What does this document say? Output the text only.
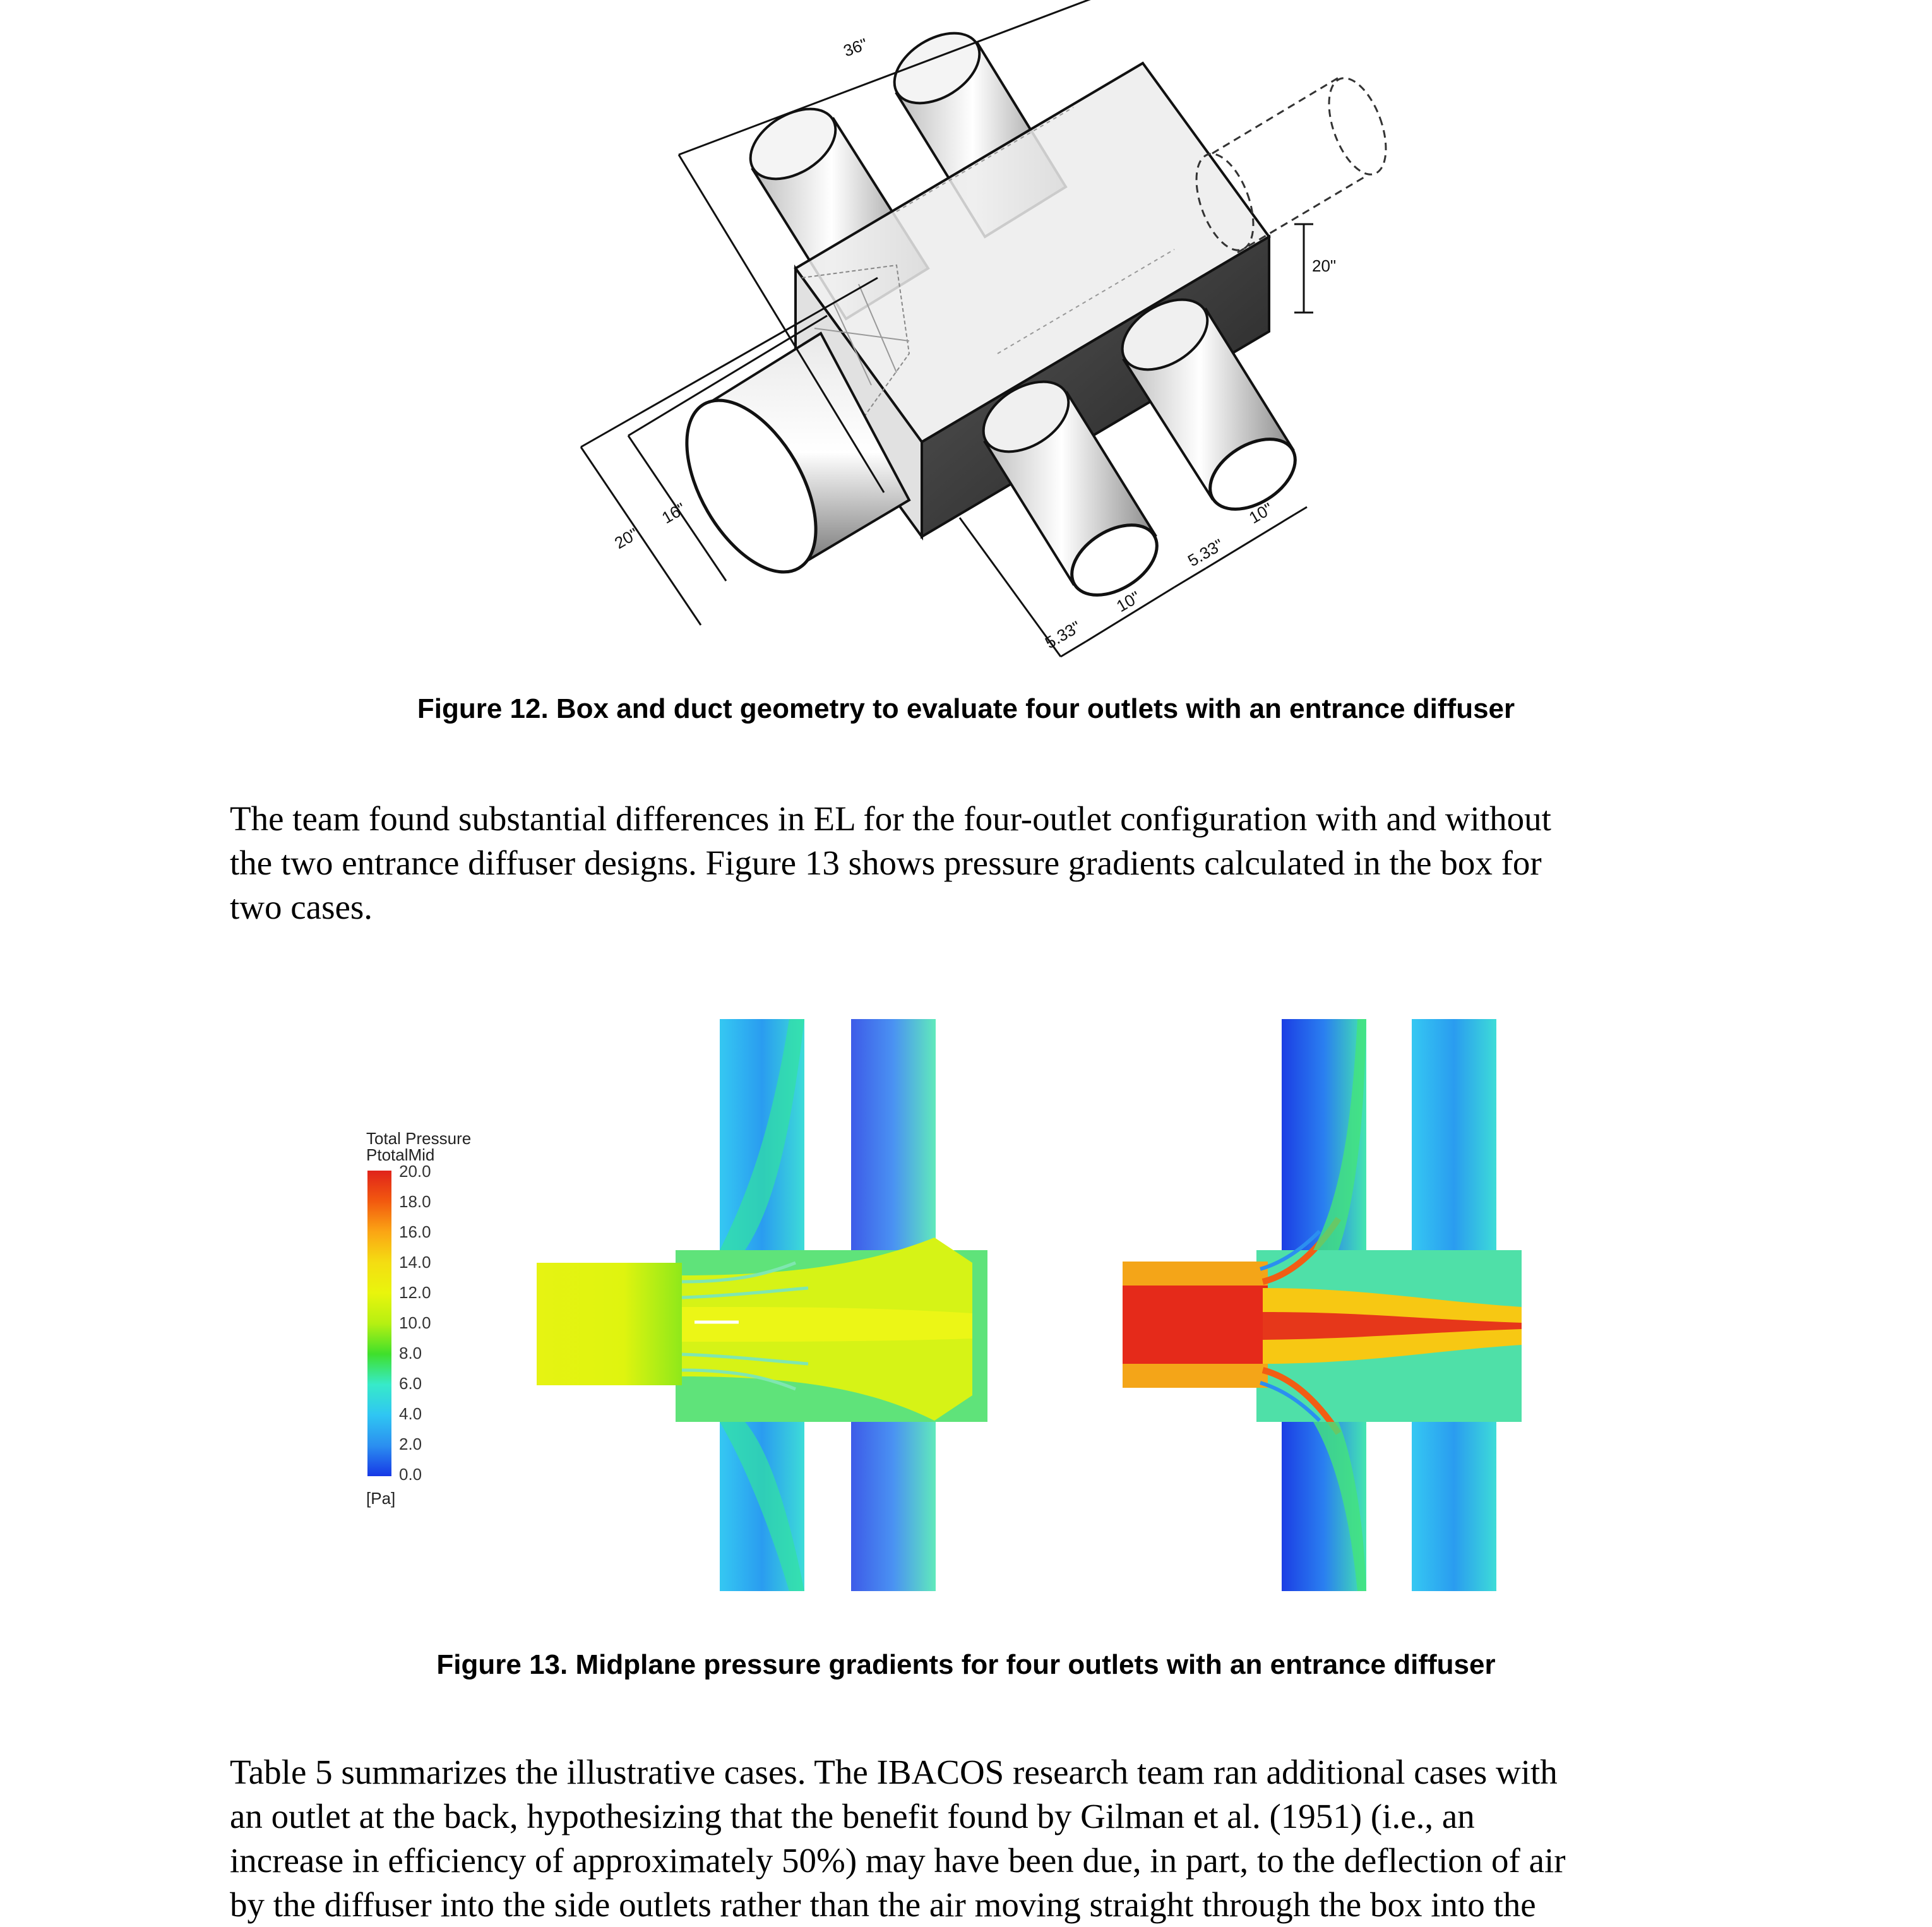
36"
20"
20"
16"	10"
10"
5.33"
5.33"
Figure 12. Box and duct geometry to evaluate four outlets with an entrance diffuser
The team found substantial differences in EL for the four-outlet configuration with and without
the two entrance diffuser designs. Figure 13 shows pressure gradients calculated in the box for
two cases.
Total Pressure
PtotalMid
20.0
18.0
16.0
14.0
12.0
10.0
8.0
6.0
4.0
2.0
0.0
[Pa]
Figure 13. Midplane pressure gradients for four outlets with an entrance diffuser
Table 5 summarizes the illustrative cases. The IBACOS research team ran additional cases with
an outlet at the back, hypothesizing that the benefit found by Gilman et al. (1951) (i.e., an
increase in efficiency of approximately 50%) may have been due, in part, to the deflection of air
by the diffuser into the side outlets rather than the air moving straight through the box into the
